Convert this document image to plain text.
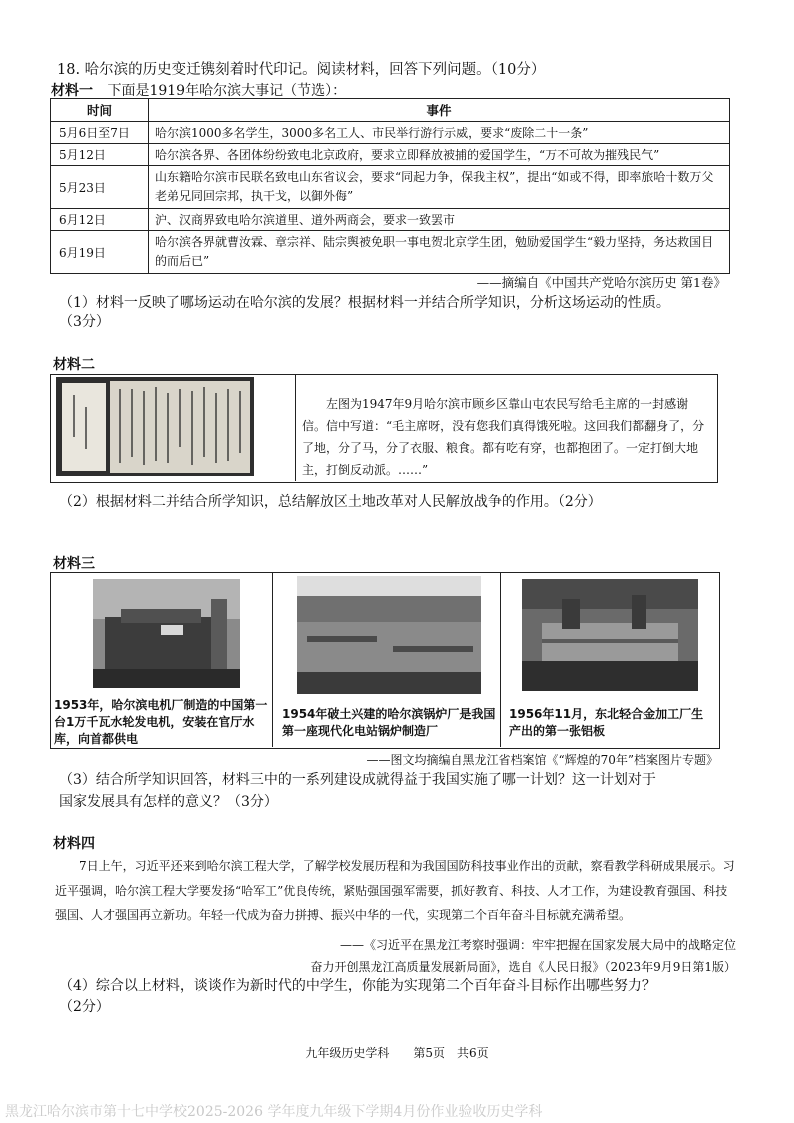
18. 哈尔滨的历史变迁镌刻着时代印记。阅读材料，回答下列问题。（10分）
材料一 下面是1919年哈尔滨大事记（节选）：
时间	事件
5月6日至7日	哈尔滨1000多名学生，3000多名工人、市民举行游行示威，要求“废除二十一条”
5月12日	哈尔滨各界、各团体纷纷致电北京政府，要求立即释放被捕的爱国学生，“万不可故为摧残民气”
5月23日	山东籍哈尔滨市民联名致电山东省议会，要求“同起力争，保我主权”，提出“如或不得，即率旅哈十数万父老弟兄同回宗邦，执干戈，以御外侮”
6月12日	沪、汉商界致电哈尔滨道里、道外两商会，要求一致罢市
6月19日	哈尔滨各界就曹汝霖、章宗祥、陆宗舆被免职一事电贺北京学生团，勉励爱国学生“毅力坚持，务达救国目的而后已”
——摘编自《中国共产党哈尔滨历史 第1卷》
（1）材料一反映了哪场运动在哈尔滨的发展？根据材料一并结合所学知识，分析这场运动的性质。
（3分）
材料二
左图为1947年9月哈尔滨市顾乡区靠山屯农民写给毛主席的一封感谢信。信中写道：“毛主席呀，没有您我们真得饿死啦。这回我们都翻身了，分了地，分了马，分了衣服、粮食。都有吃有穿，也都抱团了。一定打倒大地主，打倒反动派。……”
（2）根据材料二并结合所学知识，总结解放区土地改革对人民解放战争的作用。（2分）
材料三
1953年，哈尔滨电机厂制造的中国第一台1万千瓦水轮发电机，安装在官厅水库，向首都供电
1954年破土兴建的哈尔滨锅炉厂是我国第一座现代化电站锅炉制造厂
1956年11月，东北轻合金加工厂生产出的第一张铝板
——图文均摘编自黑龙江省档案馆《“辉煌的70年”档案图片专题》
（3）结合所学知识回答，材料三中的一系列建设成就得益于我国实施了哪一计划？这一计划对于
国家发展具有怎样的意义？（3分）
材料四
7日上午，习近平还来到哈尔滨工程大学，了解学校发展历程和为我国国防科技事业作出的贡献，察看教学科研成果展示。习近平强调，哈尔滨工程大学要发扬“哈军工”优良传统，紧贴强国强军需要，抓好教育、科技、人才工作，为建设教育强国、科技强国、人才强国再立新功。年轻一代成为奋力拼搏、振兴中华的一代，实现第二个百年奋斗目标就充满希望。
——《习近平在黑龙江考察时强调：牢牢把握在国家发展大局中的战略定位
奋力开创黑龙江高质量发展新局面》，选自《人民日报》（2023年9月9日第1版）
（4）综合以上材料，谈谈作为新时代的中学生，你能为实现第二个百年奋斗目标作出哪些努力？
（2分）
九年级历史学科　　第5页　共6页
黑龙江哈尔滨市第十七中学校2025-2026 学年度九年级下学期4月份作业验收历史学科
